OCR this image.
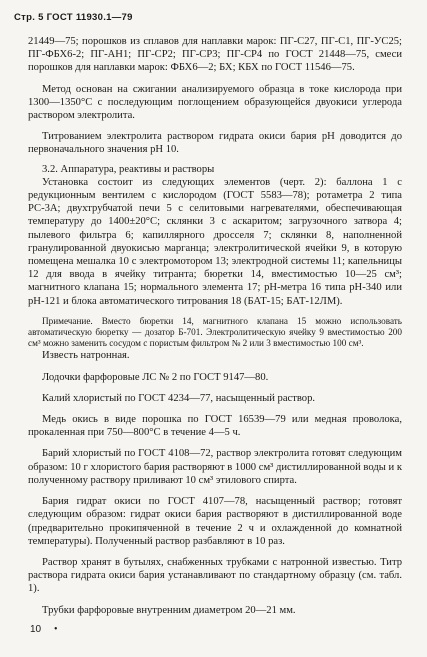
Стр. 5 ГОСТ 11930.1—79

21449—75; порошков из сплавов для наплавки марок: ПГ-С27, ПГ-С1, ПГ-УС25; ПГ-ФБХ6-2; ПГ-АН1; ПГ-СР2; ПГ-СР3; ПГ-СР4 по ГОСТ 21448—75, смеси порошков для наплавки марок: ФБХ6—2; БХ; КБХ по ГОСТ 11546—75.

Метод основан на сжигании анализируемого образца в токе кислорода при 1300—1350°С с последующим поглощением образующейся двуокиси углерода раствором электролита.

Титрованием электролита раствором гидрата окиси бария pH доводится до первоначального значения pH 10.

3.2. Аппаратура, реактивы и растворы

Установка состоит из следующих элементов (черт. 2): баллона 1 с редукционным вентилем с кислородом (ГОСТ 5583—78); ротаметра 2 типа РС-3А; двухтрубчатой печи 5 с селитовыми нагревателями, обеспечивающая температуру до 1400±20°С; склянки 3 с аскаритом; загрузочного затвора 4; пылевого фильтра 6; капиллярного дросселя 7; склянки 8, наполненной гранулированной двуокисью марганца; электролитической ячейки 9, в которую помещена мешалка 10 с электромотором 13; электродной системы 11; капельницы 12 для ввода в ячейку титранта; бюретки 14, вместимостью 10—25 см³; магнитного клапана 15; нормального элемента 17; pH-метра 16 типа pH-340 или pH-121 и блока автоматического титрования 18 (БАТ-15; БАТ-12ЛМ).

Примечание. Вместо бюретки 14, магнитного клапана 15 можно использовать автоматическую бюретку — дозатор Б-701. Электролитическую ячейку 9 вместимостью 200 см³ можно заменить сосудом с пористым фильтром № 2 или 3 вместимостью 100 см³.

Известь натронная.

Лодочки фарфоровые ЛС № 2 по ГОСТ 9147—80.

Калий хлористый по ГОСТ 4234—77, насыщенный раствор.

Медь окись в виде порошка по ГОСТ 16539—79 или медная проволока, прокаленная при 750—800°С в течение 4—5 ч.

Барий хлористый по ГОСТ 4108—72, раствор электролита готовят следующим образом: 10 г хлористого бария растворяют в 1000 см³ дистиллированной воды и к полученному раствору приливают 10 см³ этилового спирта.

Бария гидрат окиси по ГОСТ 4107—78, насыщенный раствор; готовят следующим образом: гидрат окиси бария растворяют в дистиллированной воде (предварительно прокипяченной в течение 2 ч и охлажденной до комнатной температуры). Полученный раствор разбавляют в 10 раз.

Раствор хранят в бутылях, снабженных трубками с натронной известью. Титр раствора гидрата окиси бария устанавливают по стандартному образцу (см. табл. 1).

Трубки фарфоровые внутренним диаметром 20—21 мм.

10	•
